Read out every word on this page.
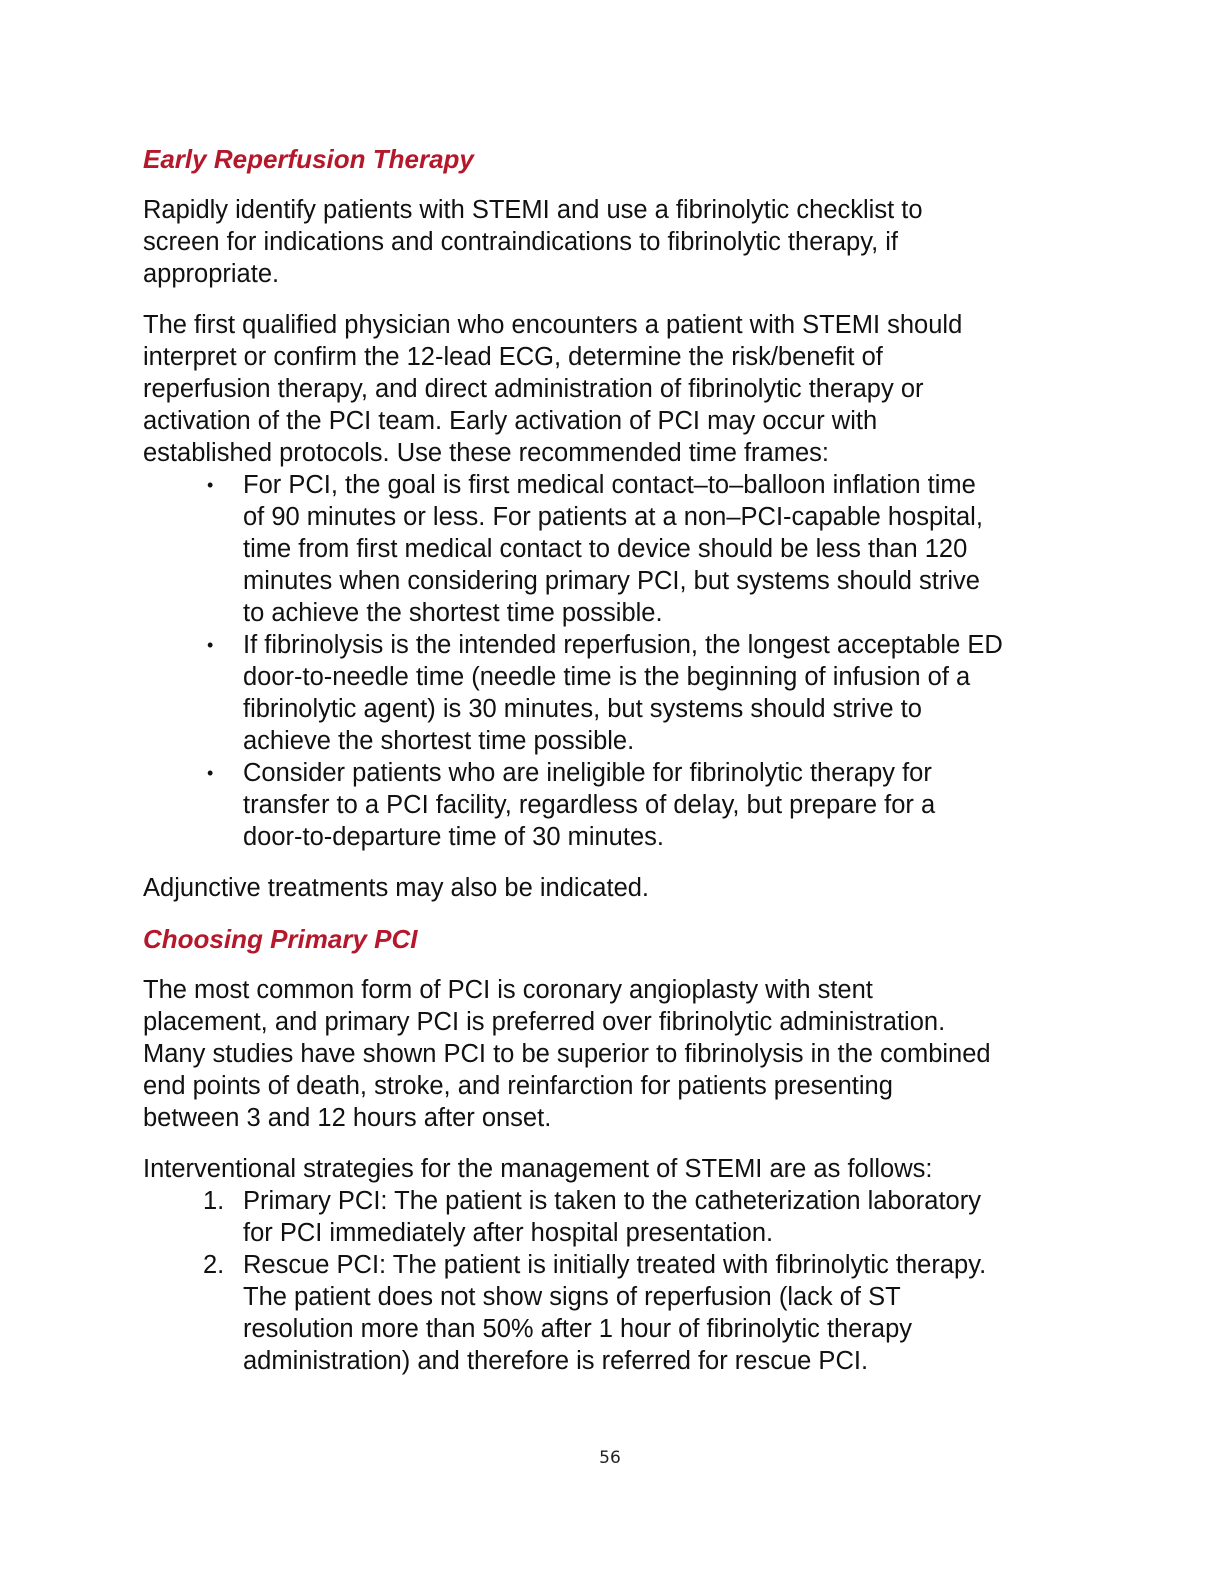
Early Reperfusion Therapy
Rapidly identify patients with STEMI and use a fibrinolytic checklist to
screen for indications and contraindications to fibrinolytic therapy, if
appropriate.
The first qualified physician who encounters a patient with STEMI should
interpret or confirm the 12-lead ECG, determine the risk/benefit of
reperfusion therapy, and direct administration of fibrinolytic therapy or
activation of the PCI team. Early activation of PCI may occur with
established protocols. Use these recommended time frames:
• For PCI, the goal is first medical contact–to–balloon inflation time
of 90 minutes or less. For patients at a non–PCI-capable hospital,
time from first medical contact to device should be less than 120
minutes when considering primary PCI, but systems should strive
to achieve the shortest time possible.
• If fibrinolysis is the intended reperfusion, the longest acceptable ED
door-to-needle time (needle time is the beginning of infusion of a
fibrinolytic agent) is 30 minutes, but systems should strive to
achieve the shortest time possible.
• Consider patients who are ineligible for fibrinolytic therapy for
transfer to a PCI facility, regardless of delay, but prepare for a
door-to-departure time of 30 minutes.
Adjunctive treatments may also be indicated.
Choosing Primary PCI
The most common form of PCI is coronary angioplasty with stent
placement, and primary PCI is preferred over fibrinolytic administration.
Many studies have shown PCI to be superior to fibrinolysis in the combined
end points of death, stroke, and reinfarction for patients presenting
between 3 and 12 hours after onset.
Interventional strategies for the management of STEMI are as follows:
1. Primary PCI: The patient is taken to the catheterization laboratory
for PCI immediately after hospital presentation.
2. Rescue PCI: The patient is initially treated with fibrinolytic therapy.
The patient does not show signs of reperfusion (lack of ST
resolution more than 50% after 1 hour of fibrinolytic therapy
administration) and therefore is referred for rescue PCI.
56
